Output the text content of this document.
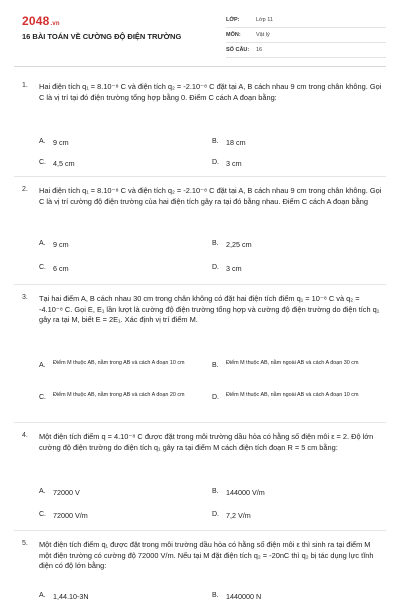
2048.vn
16 BÀI TOÁN VỀ CƯỜNG ĐỘ ĐIỆN TRƯỜNG
LỚP:	Lớp 11
MÔN:	Vật lý
SỐ CÂU: 16
1. Hai điện tích q₁ = 8.10⁻⁸ C và điện tích q₂ = -2.10⁻⁸ C đặt tại A, B cách nhau 9 cm trong chân không. Gọi C là vị trí tại đó điện trường tổng hợp bằng 0. Điểm C cách A đoạn bằng:
A. 9 cm	B. 18 cm
C. 4,5 cm	D. 3 cm
2. Hai điện tích q₁ = 8.10⁻⁸ C và điện tích q₂ = -2.10⁻⁸ C đặt tại A, B cách nhau 9 cm trong chân không. Gọi C là vị trí cường độ điện trường của hai điện tích gây ra tại đó bằng nhau. Điểm C cách A đoạn bằng
A. 9 cm	B. 2,25 cm
C. 6 cm	D. 3 cm
3. Tại hai điểm A, B cách nhau 30 cm trong chân không có đặt hai điện tích điểm q₁ = 10⁻⁸ C và q₂ = -4.10⁻⁸ C. Gọi E, E₁ lần lượt là cường độ điện trường tổng hợp và cường độ điện trường do điện tích q₁ gây ra tại M, biết E = 2E₁. Xác định vị trí điểm M.
A. Điểm M thuộc AB, nằm trong AB và cách A đoạn 10 cm	B. Điểm M thuộc AB, nằm ngoài AB và cách A đoạn 30 cm
C. Điểm M thuộc AB, nằm trong AB và cách A đoạn 20 cm	D. Điểm M thuộc AB, nằm ngoài AB và cách A đoạn 10 cm
4. Một điện tích điểm q = 4.10⁻⁸ C được đặt trong môi trường dầu hỏa có hằng số điện môi ε = 2. Độ lớn cường độ điện trường do điện tích q₁ gây ra tại điểm M cách điện tích đoạn R = 5 cm bằng:
A. 72000 V	B. 144000 V/m
C. 72000 V/m	D. 7,2 V/m
5. Một điện tích điểm q₁ được đặt trong môi trường dầu hỏa có hằng số điện môi ε thì sinh ra tại điểm M một điện trường có cường độ 72000 V/m. Nếu tại M đặt điện tích q₂ = -20nC thì q₂ bị tác dụng lực tĩnh điện có độ lớn bằng:
A. 1,44.10-3N	B. 1440000 N
